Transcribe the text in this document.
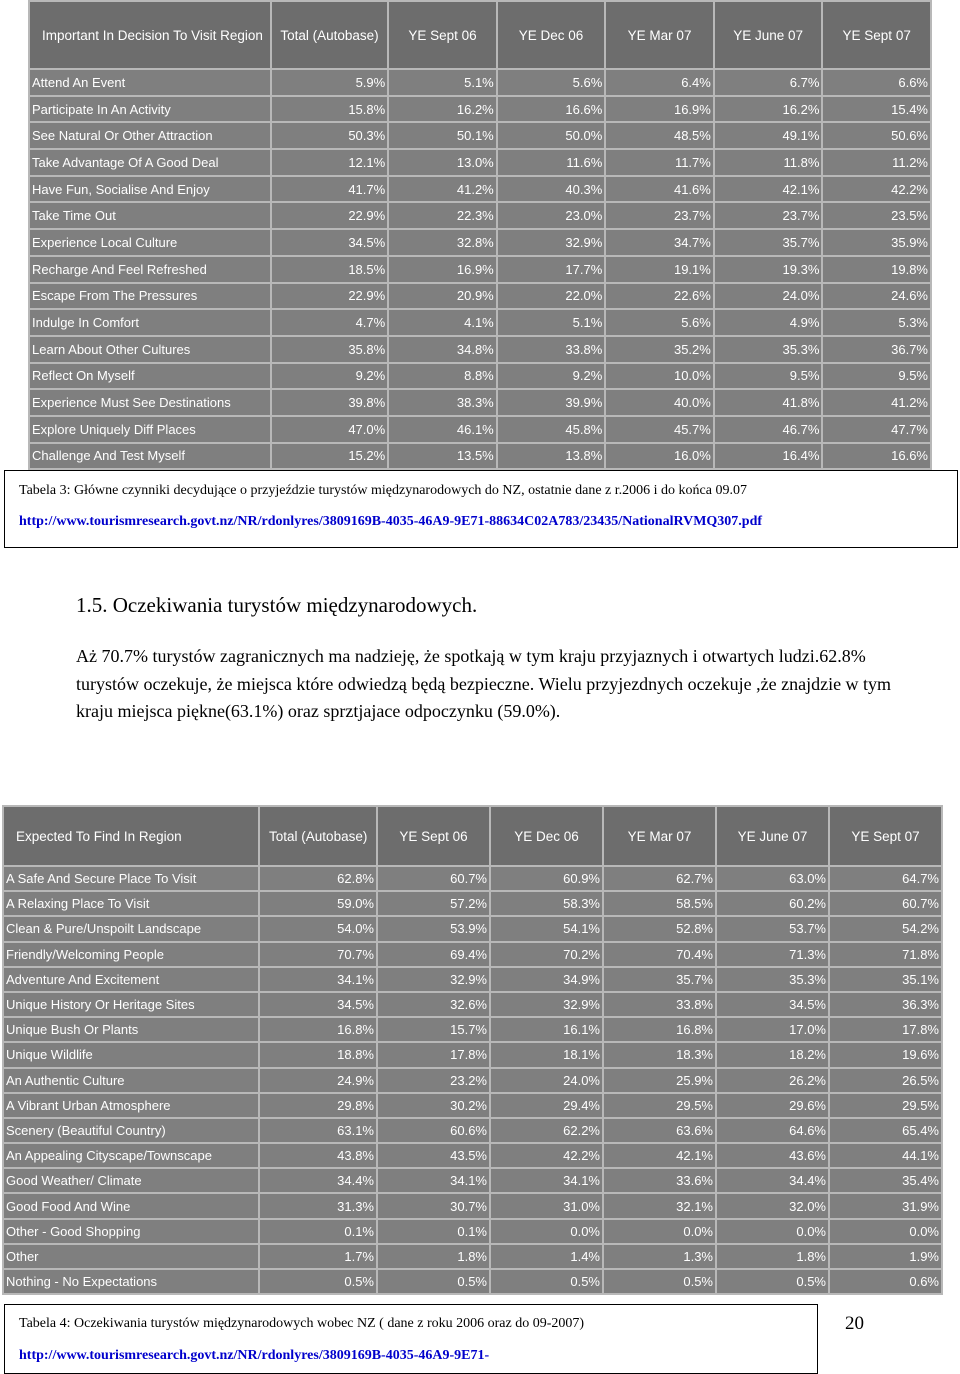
Important In Decision To Visit Region	Total (Autobase)	YE Sept 06	YE Dec 06	YE Mar 07	YE June 07	YE Sept 07
Attend An Event	5.9%	5.1%	5.6%	6.4%	6.7%	6.6%
Participate In An Activity	15.8%	16.2%	16.6%	16.9%	16.2%	15.4%
See Natural Or Other Attraction	50.3%	50.1%	50.0%	48.5%	49.1%	50.6%
Take Advantage Of A Good Deal	12.1%	13.0%	11.6%	11.7%	11.8%	11.2%
Have Fun, Socialise And Enjoy	41.7%	41.2%	40.3%	41.6%	42.1%	42.2%
Take Time Out	22.9%	22.3%	23.0%	23.7%	23.7%	23.5%
Experience Local Culture	34.5%	32.8%	32.9%	34.7%	35.7%	35.9%
Recharge And Feel Refreshed	18.5%	16.9%	17.7%	19.1%	19.3%	19.8%
Escape From The Pressures	22.9%	20.9%	22.0%	22.6%	24.0%	24.6%
Indulge In Comfort	4.7%	4.1%	5.1%	5.6%	4.9%	5.3%
Learn About Other Cultures	35.8%	34.8%	33.8%	35.2%	35.3%	36.7%
Reflect On Myself	9.2%	8.8%	9.2%	10.0%	9.5%	9.5%
Experience Must See Destinations	39.8%	38.3%	39.9%	40.0%	41.8%	41.2%
Explore Uniquely Diff Places	47.0%	46.1%	45.8%	45.7%	46.7%	47.7%
Challenge And Test Myself	15.2%	13.5%	13.8%	16.0%	16.4%	16.6%
Tabela 3: Główne czynniki decydujące o przyjeździe turystów międzynarodowych do NZ, ostatnie dane z r.2006 i do końca 09.07
http://www.tourismresearch.govt.nz/NR/rdonlyres/3809169B-4035-46A9-9E71-88634C02A783/23435/NationalRVMQ307.pdf
1.5. Oczekiwania turystów międzynarodowych.

Aż 70.7% turystów zagranicznych ma nadzieję, że spotkają w tym kraju przyjaznych i otwartych ludzi.62.8% turystów oczekuje, że miejsca które odwiedzą będą bezpieczne. Wielu przyjezdnych oczekuje ,że znajdzie w tym kraju miejsca piękne(63.1%) oraz sprztjajace odpoczynku (59.0%).

Expected To Find In Region	Total (Autobase)	YE Sept 06	YE Dec 06	YE Mar 07	YE June 07	YE Sept 07
A Safe And Secure Place To Visit	62.8%	60.7%	60.9%	62.7%	63.0%	64.7%
A Relaxing Place To Visit	59.0%	57.2%	58.3%	58.5%	60.2%	60.7%
Clean & Pure/Unspoilt Landscape	54.0%	53.9%	54.1%	52.8%	53.7%	54.2%
Friendly/Welcoming People	70.7%	69.4%	70.2%	70.4%	71.3%	71.8%
Adventure And Excitement	34.1%	32.9%	34.9%	35.7%	35.3%	35.1%
Unique History Or Heritage Sites	34.5%	32.6%	32.9%	33.8%	34.5%	36.3%
Unique Bush Or Plants	16.8%	15.7%	16.1%	16.8%	17.0%	17.8%
Unique Wildlife	18.8%	17.8%	18.1%	18.3%	18.2%	19.6%
An Authentic Culture	24.9%	23.2%	24.0%	25.9%	26.2%	26.5%
A Vibrant Urban Atmosphere	29.8%	30.2%	29.4%	29.5%	29.6%	29.5%
Scenery (Beautiful Country)	63.1%	60.6%	62.2%	63.6%	64.6%	65.4%
An Appealing Cityscape/Townscape	43.8%	43.5%	42.2%	42.1%	43.6%	44.1%
Good Weather/ Climate	34.4%	34.1%	34.1%	33.6%	34.4%	35.4%
Good Food And Wine	31.3%	30.7%	31.0%	32.1%	32.0%	31.9%
Other - Good Shopping	0.1%	0.1%	0.0%	0.0%	0.0%	0.0%
Other	1.7%	1.8%	1.4%	1.3%	1.8%	1.9%
Nothing - No Expectations	0.5%	0.5%	0.5%	0.5%	0.5%	0.6%
Tabela 4: Oczekiwania turystów międzynarodowych wobec NZ ( dane z roku 2006 oraz do 09-2007)
http://www.tourismresearch.govt.nz/NR/rdonlyres/3809169B-4035-46A9-9E71-
20
